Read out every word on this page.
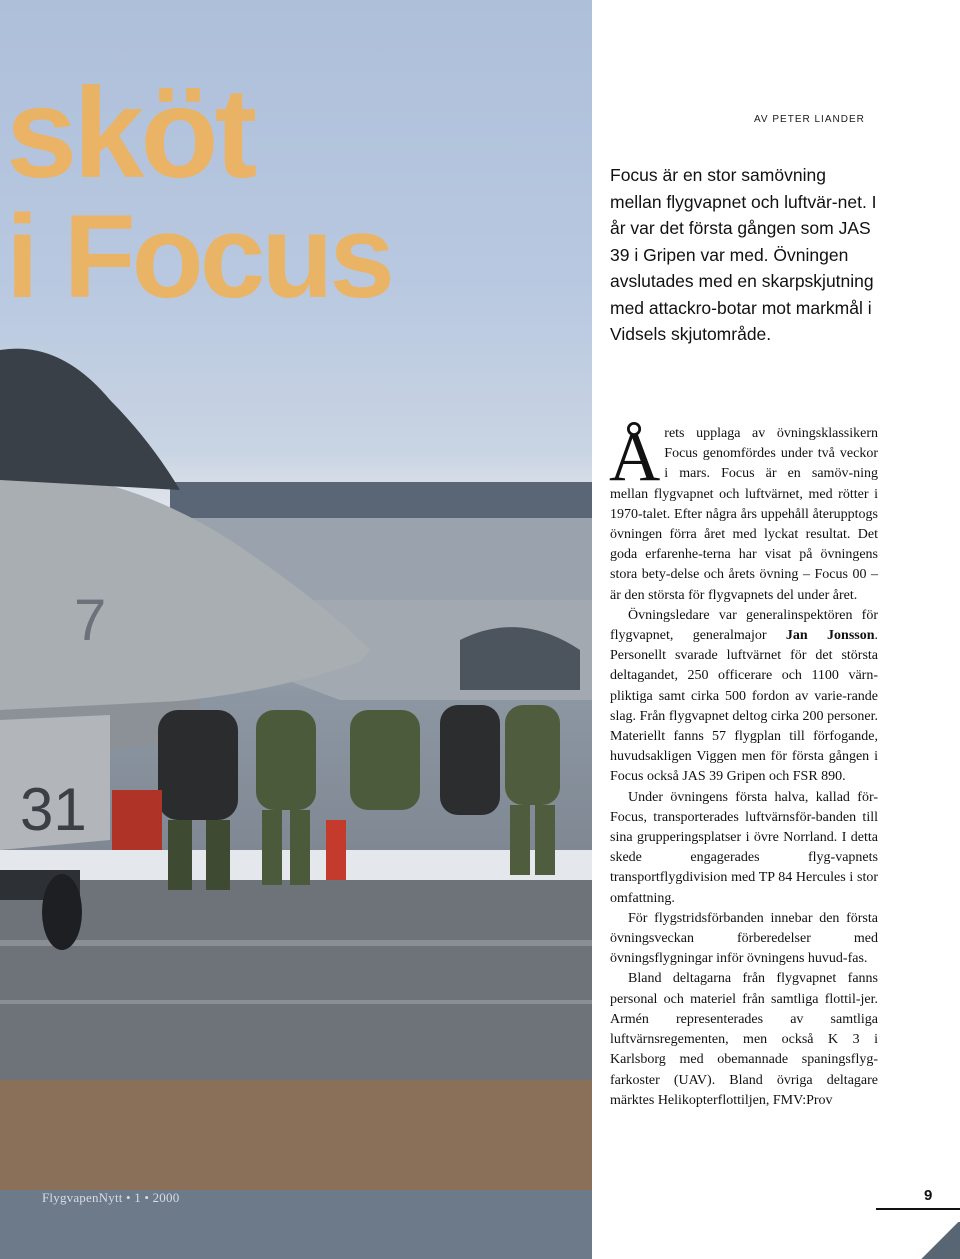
31
7
sköt
i Focus
FlygvapenNytt • 1 • 2000

AV PETER LIANDER

Focus är en stor samövning mellan flygvapnet och luftvär-net. I år var det första gången som JAS 39 i Gripen var med. Övningen avslutades med en skarpskjutning med attackro-botar mot markmål i Vidsels skjutområde.

Årets upplaga av övningsklassikern Focus genomfördes under två veckor i mars. Focus är en samöv-ning mellan flygvapnet och luftvärnet, med rötter i 1970-talet. Efter några års uppehåll återupptogs övningen förra året med lyckat resultat. Det goda erfarenhe-terna har visat på övningens stora bety-delse och årets övning – Focus 00 – är den största för flygvapnets del under året.

Övningsledare var generalinspektören för flygvapnet, generalmajor Jan Jonsson. Personellt svarade luftvärnet för det största deltagandet, 250 officerare och 1100 värn-pliktiga samt cirka 500 fordon av varie-rande slag. Från flygvapnet deltog cirka 200 personer. Materiellt fanns 57 flygplan till förfogande, huvudsakligen Viggen men för första gången i Focus också JAS 39 Gripen och FSR 890.

Under övningens första halva, kallad för-Focus, transporterades luftvärnsför-banden till sina grupperingsplatser i övre Norrland. I detta skede engagerades flyg-vapnets transportflygdivision med TP 84 Hercules i stor omfattning.

För flygstridsförbanden innebar den första övningsveckan förberedelser med övningsflygningar inför övningens huvud-fas.

Bland deltagarna från flygvapnet fanns personal och materiel från samtliga flottil-jer. Armén representerades av samtliga luftvärnsregementen, men också K 3 i Karlsborg med obemannade spaningsflyg-farkoster (UAV). Bland övriga deltagare märktes Helikopterflottiljen, FMV:Prov

9
